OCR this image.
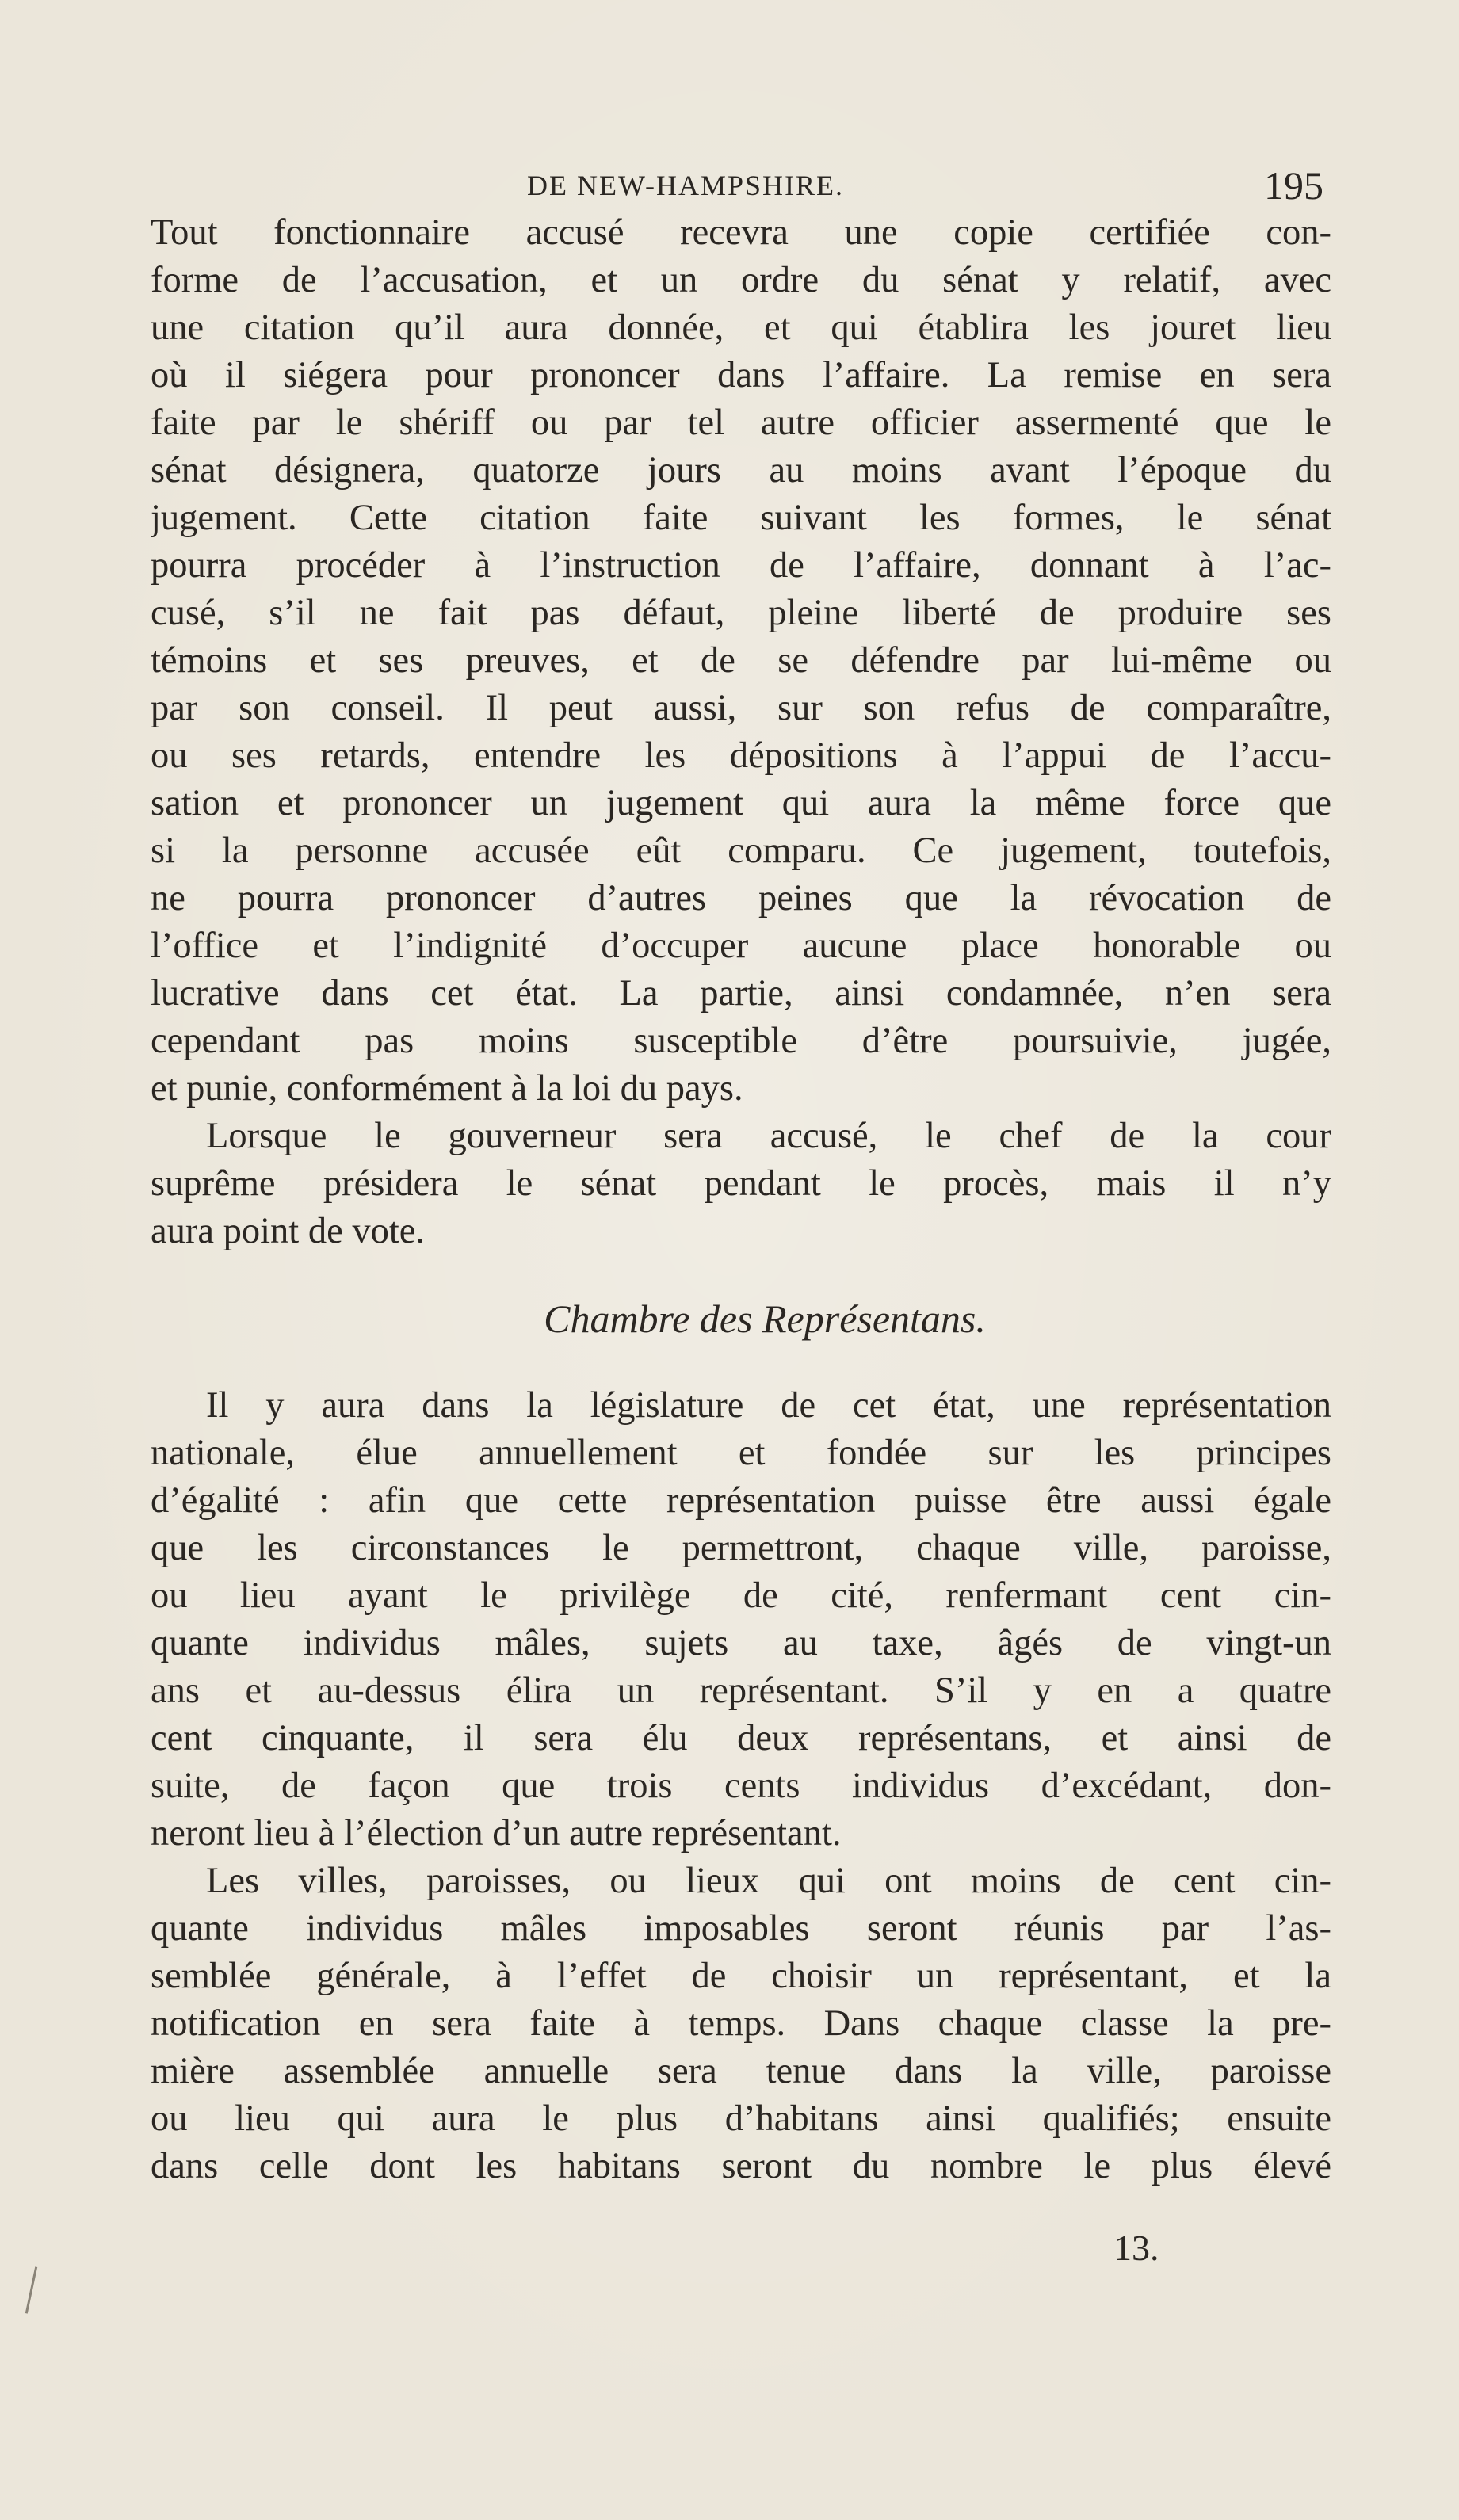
DE NEW-HAMPSHIRE.	195
Tout fonctionnaire accusé recevra une copie certifiée con-
forme de l’accusation, et un ordre du sénat y relatif, avec
une citation qu’il aura donnée, et qui établira les jouret lieu
où il siégera pour prononcer dans l’affaire. La remise en sera
faite par le shériff ou par tel autre officier assermenté que le
sénat désignera, quatorze jours au moins avant l’époque du
jugement. Cette citation faite suivant les formes, le sénat
pourra procéder à l’instruction de l’affaire, donnant à l’ac-
cusé, s’il ne fait pas défaut, pleine liberté de produire ses
témoins et ses preuves, et de se défendre par lui-même ou
par son conseil. Il peut aussi, sur son refus de comparaître,
ou ses retards, entendre les dépositions à l’appui de l’accu-
sation et prononcer un jugement qui aura la même force que
si la personne accusée eût comparu. Ce jugement, toutefois,
ne pourra prononcer d’autres peines que la révocation de
l’office et l’indignité d’occuper aucune place honorable ou
lucrative dans cet état. La partie, ainsi condamnée, n’en sera
cependant pas moins susceptible d’être poursuivie, jugée,
et punie, conformément à la loi du pays.
Lorsque le gouverneur sera accusé, le chef de la cour
suprême présidera le sénat pendant le procès, mais il n’y
aura point de vote.
Chambre des Représentans.
Il y aura dans la législature de cet état, une représentation
nationale, élue annuellement et fondée sur les principes
d’égalité : afin que cette représentation puisse être aussi égale
que les circonstances le permettront, chaque ville, paroisse,
ou lieu ayant le privilège de cité, renfermant cent cin-
quante individus mâles, sujets au taxe, âgés de vingt-un
ans et au-dessus élira un représentant. S’il y en a quatre
cent cinquante, il sera élu deux représentans, et ainsi de
suite, de façon que trois cents individus d’excédant, don-
neront lieu à l’élection d’un autre représentant.
Les villes, paroisses, ou lieux qui ont moins de cent cin-
quante individus mâles imposables seront réunis par l’as-
semblée générale, à l’effet de choisir un représentant, et la
notification en sera faite à temps. Dans chaque classe la pre-
mière assemblée annuelle sera tenue dans la ville, paroisse
ou lieu qui aura le plus d’habitans ainsi qualifiés; ensuite
dans celle dont les habitans seront du nombre le plus élevé
13.
